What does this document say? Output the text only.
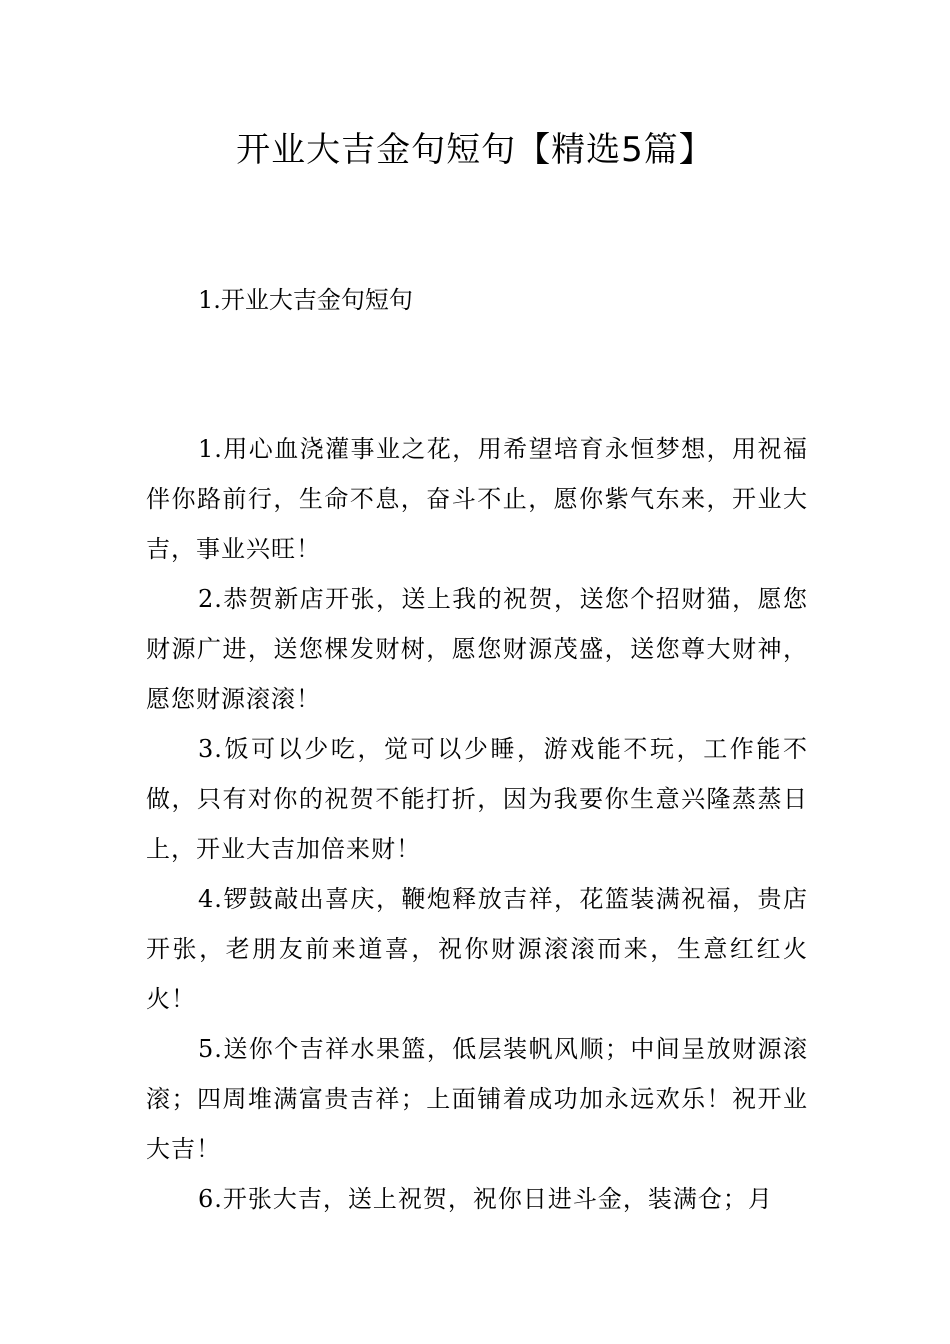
开业大吉金句短句【精选5篇】
1.开业大吉金句短句

1.用心血浇灌事业之花，用希望培育永恒梦想，用祝福伴你路前行，生命不息，奋斗不止，愿你紫气东来，开业大吉，事业兴旺！

2.恭贺新店开张，送上我的祝贺，送您个招财猫，愿您财源广进，送您棵发财树，愿您财源茂盛，送您尊大财神，愿您财源滚滚！

3.饭可以少吃，觉可以少睡，游戏能不玩，工作能不做，只有对你的祝贺不能打折，因为我要你生意兴隆蒸蒸日上，开业大吉加倍来财！

4.锣鼓敲出喜庆，鞭炮释放吉祥，花篮装满祝福，贵店开张，老朋友前来道喜，祝你财源滚滚而来，生意红红火火！

5.送你个吉祥水果篮，低层装帆风顺；中间呈放财源滚滚；四周堆满富贵吉祥；上面铺着成功加永远欢乐！祝开业大吉！

6.开张大吉，送上祝贺，祝你日进斗金，装满仓；月
